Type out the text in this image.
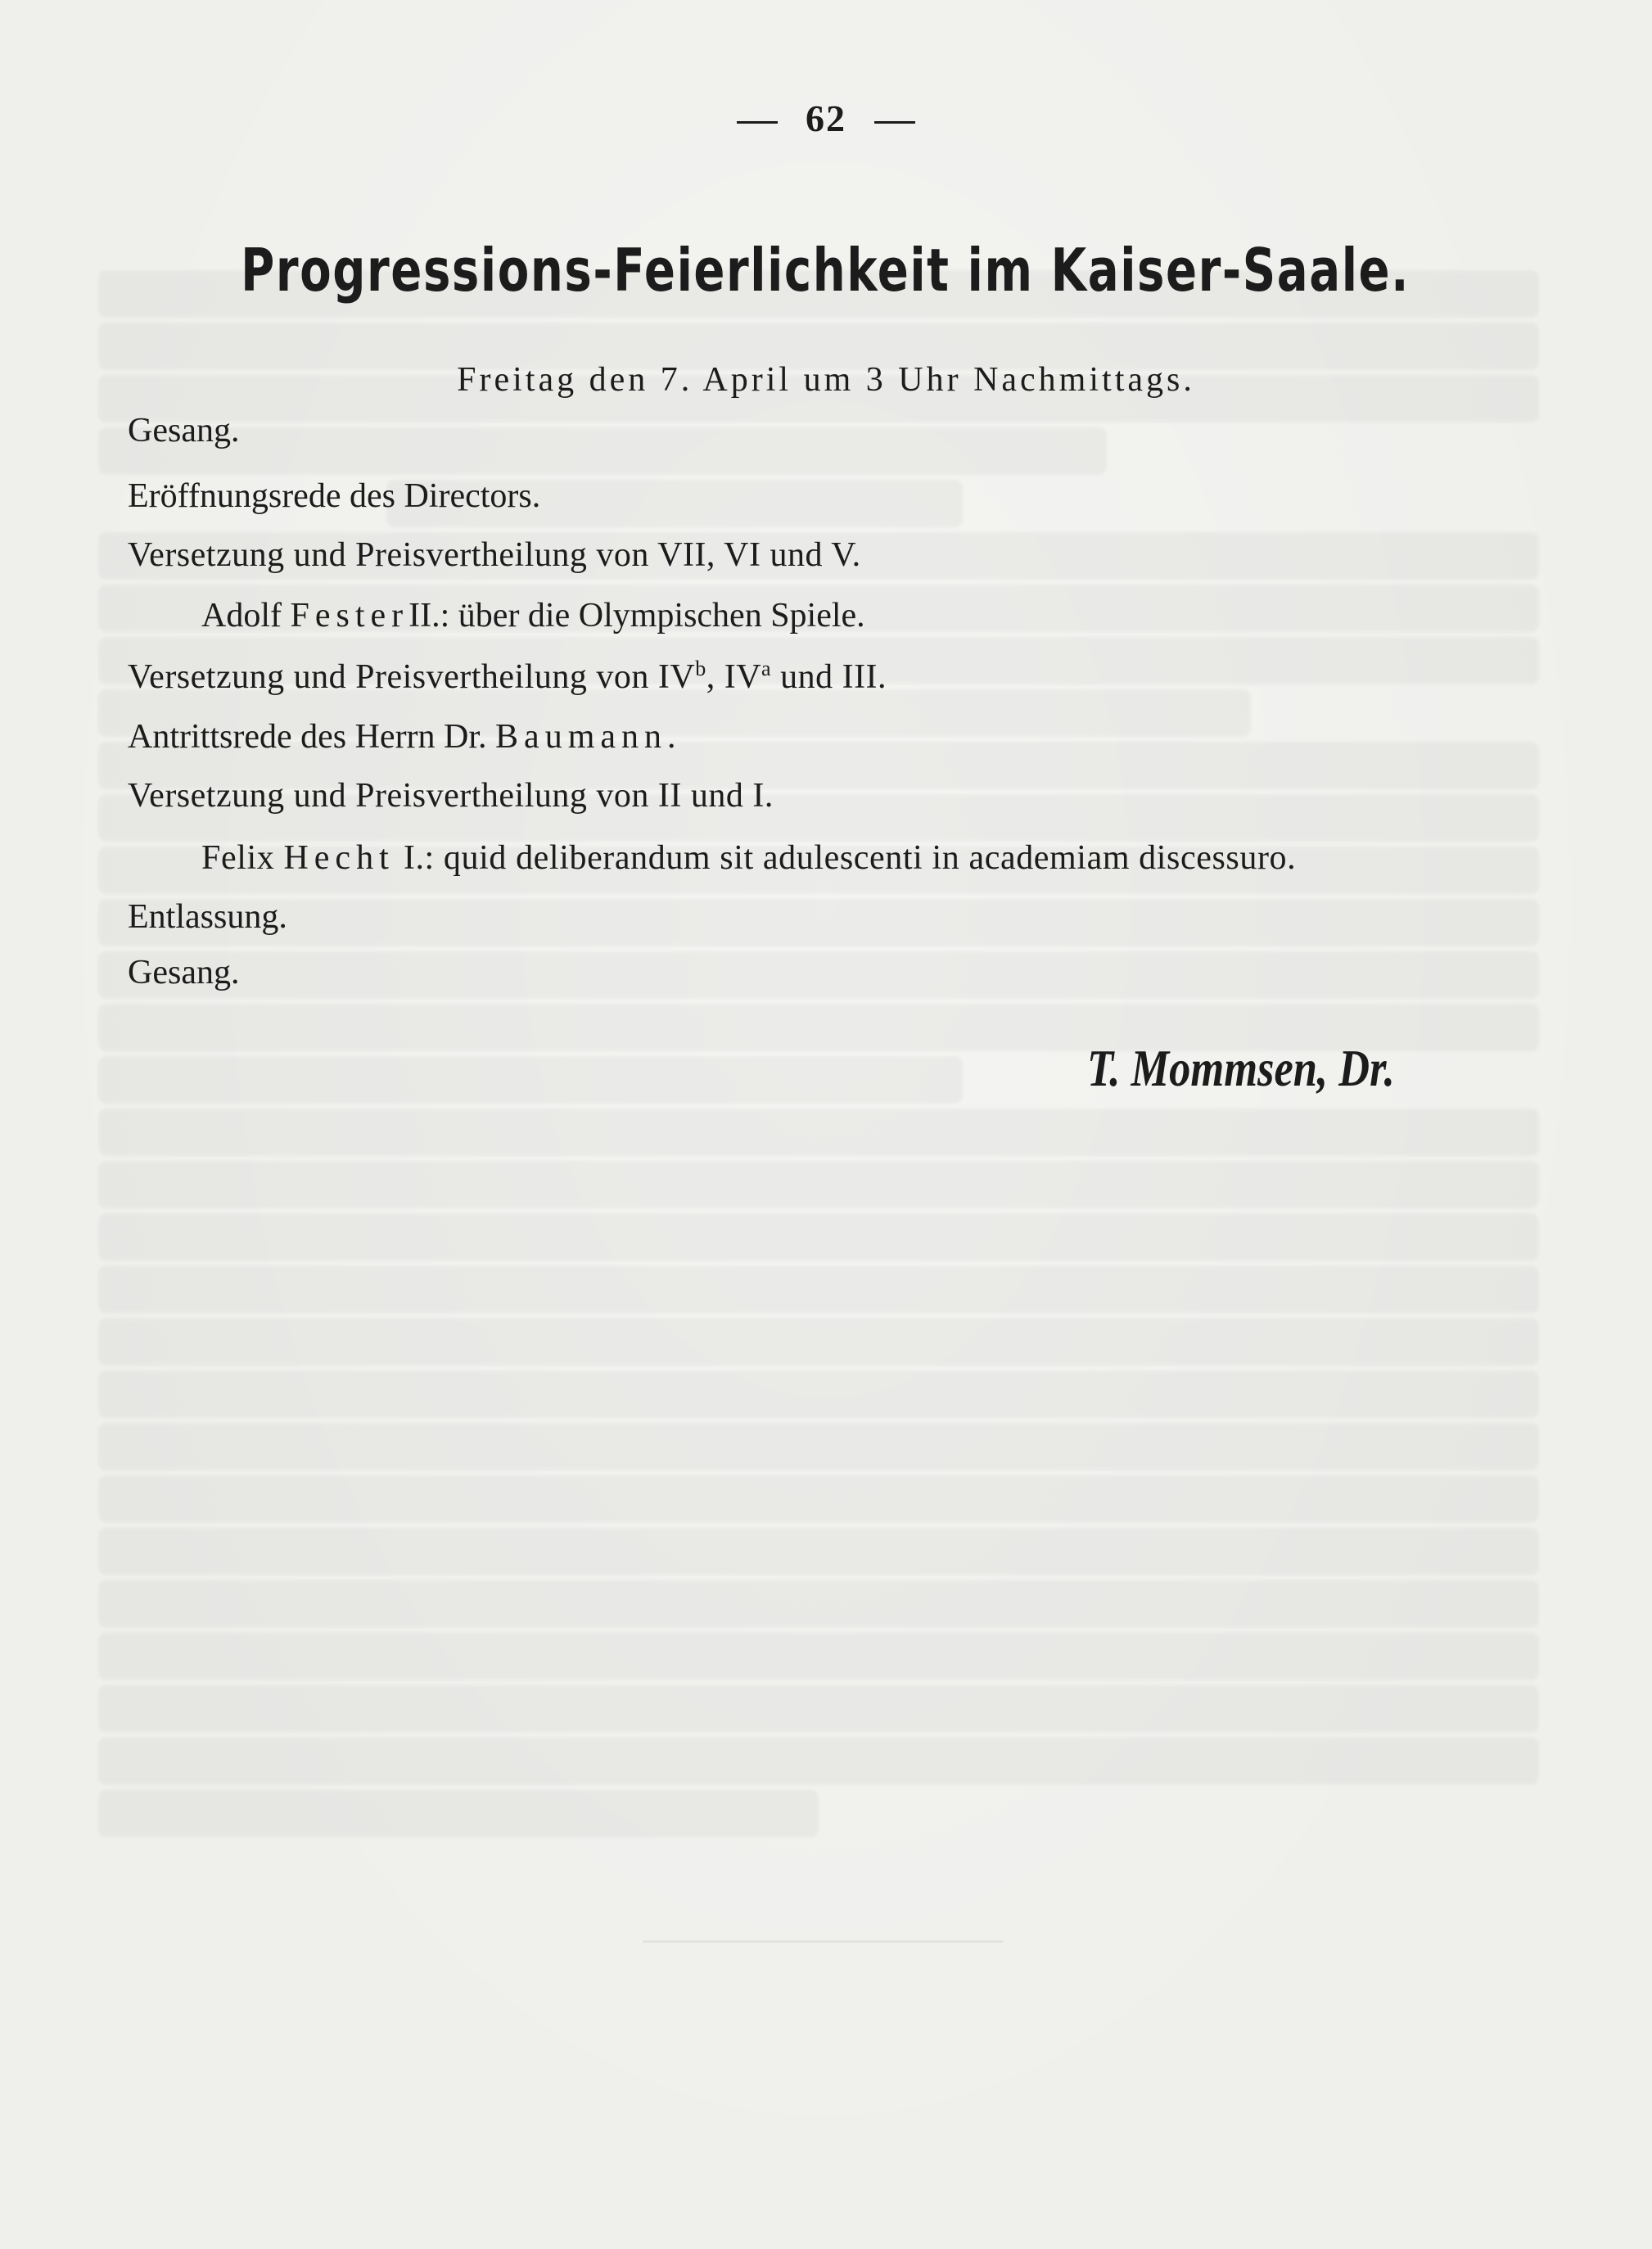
62
Progressions-Feierlichkeit im Kaiser-Saale.
Freitag den 7. April um 3 Uhr Nachmittags.
Gesang.
Eröffnungsrede des Directors.
Versetzung und Preisvertheilung von VII, VI und V.
Adolf FesterII.: über die Olympischen Spiele.
Versetzung und Preisvertheilung von $IV^b$, $IV^a$ und III.
Antrittsrede des Herrn Dr. Baumann.
Versetzung und Preisvertheilung von II und I.
Felix Hecht I.: quid deliberandum sit adulescenti in academiam discessuro.
Entlassung.
Gesang.
T. Mommsen, Dr.
